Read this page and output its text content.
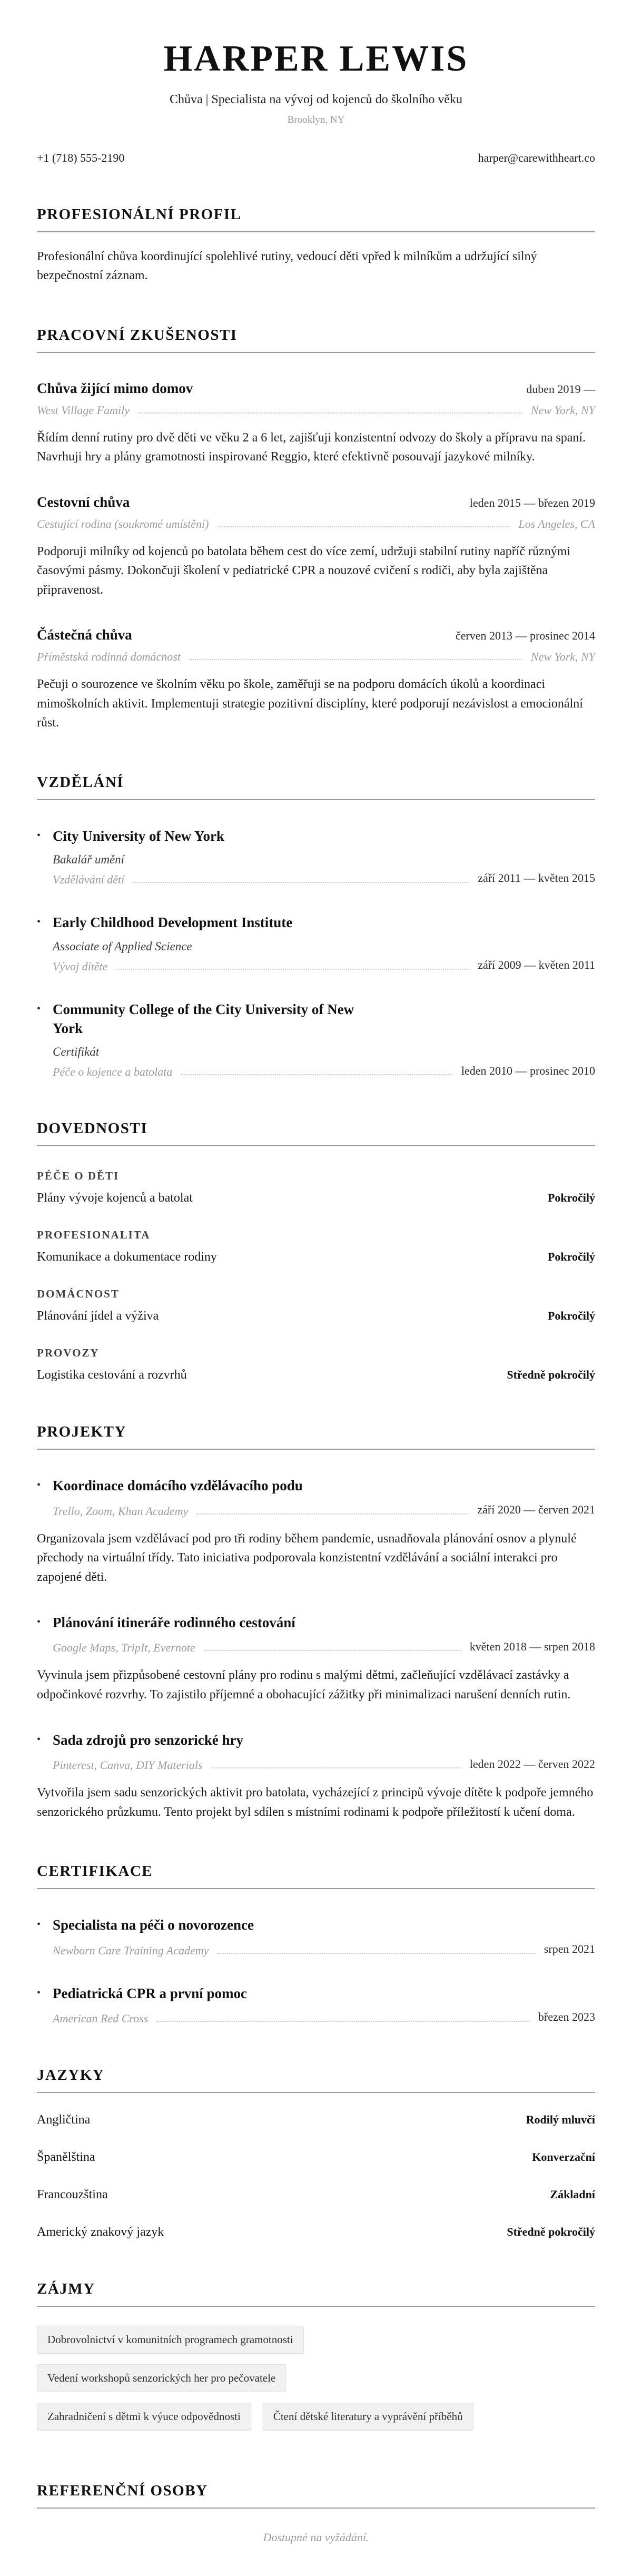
HARPER LEWIS
Chůva | Specialista na vývoj od kojenců do školního věku
Brooklyn, NY
+1 (718) 555-2190	harper@carewithheart.co
PROFESIONÁLNÍ PROFIL

Profesionální chůva koordinující spolehlivé rutiny, vedoucí děti vpřed k milníkům a udržující silný bezpečnostní záznam.

PRACOVNÍ ZKUŠENOSTI
Chůva žijící mimo domov	duben 2019 —
West Village Family	New York, NY

Řídím denní rutiny pro dvě děti ve věku 2 a 6 let, zajišťuji konzistentní odvozy do školy a přípravu na spaní. Navrhuji hry a plány gramotnosti inspirované Reggio, které efektivně posouvají jazykové milníky.

Cestovní chůva	leden 2015 — březen 2019
Cestující rodina (soukromé umístění)	Los Angeles, CA

Podporuji milníky od kojenců po batolata během cest do více zemí, udržuji stabilní rutiny napříč různými časovými pásmy. Dokončuji školení v pediatrické CPR a nouzové cvičení s rodiči, aby byla zajištěna připravenost.

Částečná chůva	červen 2013 — prosinec 2014
Příměstská rodinná domácnost	New York, NY

Pečuji o sourozence ve školním věku po škole, zaměřuji se na podporu domácích úkolů a koordinaci mimoškolních aktivit. Implementuji strategie pozitivní disciplíny, které podporují nezávislost a emocionální růst.

VZDĚLÁNÍ
•
City University of New York
Bakalář umění
Vzdělávání dětí	září 2011 — květen 2015
•
Early Childhood Development Institute
Associate of Applied Science
Vývoj dítěte	září 2009 — květen 2011
•
Community College of the City University of New York
Certifikát
Péče o kojence a batolata	leden 2010 — prosinec 2010
DOVEDNOSTI
PÉČE O DĚTI
Plány vývoje kojenců a batolat	Pokročilý
PROFESIONALITA
Komunikace a dokumentace rodiny	Pokročilý
DOMÁCNOST
Plánování jídel a výživa	Pokročilý
PROVOZY
Logistika cestování a rozvrhů	Středně pokročilý
PROJEKTY
•
Koordinace domácího vzdělávacího podu
Trello, Zoom, Khan Academy	září 2020 — červen 2021

Organizovala jsem vzdělávací pod pro tři rodiny během pandemie, usnadňovala plánování osnov a plynulé přechody na virtuální třídy. Tato iniciativa podporovala konzistentní vzdělávání a sociální interakci pro zapojené děti.

•
Plánování itineráře rodinného cestování
Google Maps, TripIt, Evernote	květen 2018 — srpen 2018

Vyvinula jsem přizpůsobené cestovní plány pro rodinu s malými dětmi, začleňující vzdělávací zastávky a odpočinkové rozvrhy. To zajistilo příjemné a obohacující zážitky při minimalizaci narušení denních rutin.

•
Sada zdrojů pro senzorické hry
Pinterest, Canva, DIY Materials	leden 2022 — červen 2022

Vytvořila jsem sadu senzorických aktivit pro batolata, vycházející z principů vývoje dítěte k podpoře jemného senzorického průzkumu. Tento projekt byl sdílen s místními rodinami k podpoře příležitostí k učení doma.

CERTIFIKACE
•
Specialista na péči o novorozence
Newborn Care Training Academy	srpen 2021
•
Pediatrická CPR a první pomoc
American Red Cross	březen 2023
JAZYKY
Angličtina	Rodilý mluvčí
Španělština	Konverzační
Francouzština	Základní
Americký znakový jazyk	Středně pokročilý
ZÁJMY
Dobrovolnictví v komunitních programech gramotnosti
Vedení workshopů senzorických her pro pečovatele
Zahradničení s dětmi k výuce odpovědnosti	Čtení dětské literatury a vyprávění příběhů
REFERENČNÍ OSOBY
Dostupné na vyžádání.
